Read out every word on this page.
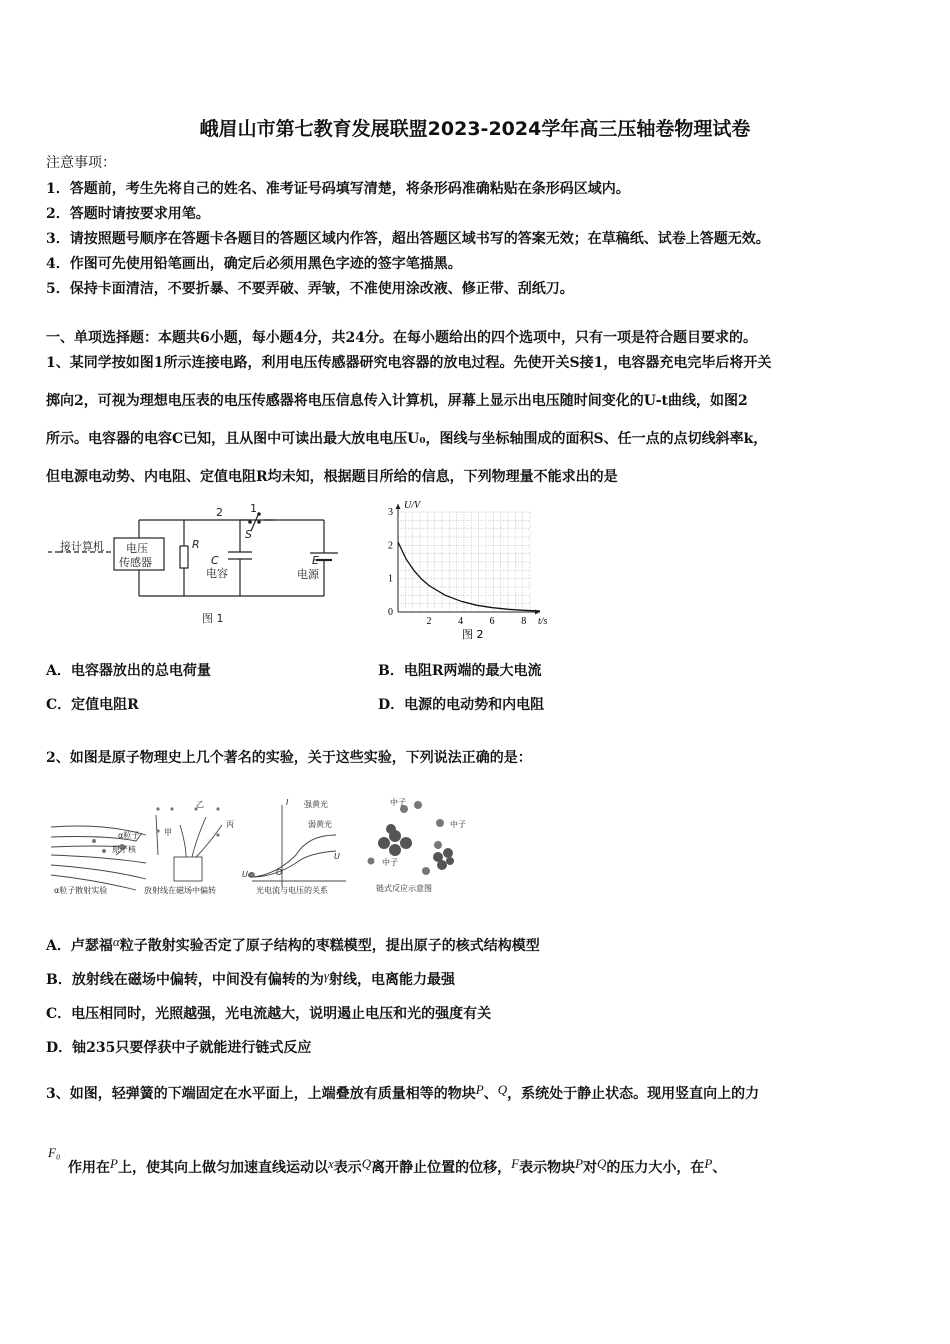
峨眉山市第七教育发展联盟2023-2024学年高三压轴卷物理试卷
注意事项：
1．答题前，考生先将自己的姓名、准考证号码填写清楚，将条形码准确粘贴在条形码区域内。
2．答题时请按要求用笔。
3．请按照题号顺序在答题卡各题目的答题区域内作答，超出答题区域书写的答案无效；在草稿纸、试卷上答题无效。
4．作图可先使用铅笔画出，确定后必须用黑色字迹的签字笔描黑。
5．保持卡面清洁，不要折暴、不要弄破、弄皱，不准使用涂改液、修正带、刮纸刀。
一、单项选择题：本题共6小题，每小题4分，共24分。在每小题给出的四个选项中，只有一项是符合题目要求的。
1、某同学按如图1所示连接电路，利用电压传感器研究电容器的放电过程。先使开关S接1，电容器充电完毕后将开关
掷向2，可视为理想电压表的电压传感器将电压信息传入计算机，屏幕上显示出电压随时间变化的U-t曲线，如图2
所示。电容器的电容C已知，且从图中可读出最大放电电压U₀，图线与坐标轴围成的面积S、任一点的点切线斜率k，
但电源电动势、内电阻、定值电阻R均未知，根据题目所给的信息，下列物理量不能求出的是
接计算机 电压
传感器
R
2 1
S
C
电容
E
电源
图 1	0
1
2
3
2	4	6	8
U/V
t/s
图 2
A．电容器放出的总电荷量	B．电阻R两端的最大电流
C．定值电阻R	D．电源的电动势和内电阻
2、如图是原子物理史上几个著名的实验，关于这些实验，下列说法正确的是：
α粒子
原子核
α粒子散射实验
甲
乙
丙
放射线在磁场中偏转
I 强黄光
弱黄光
U
O
Uc
光电流与电压的关系
中子
中子
中子
链式反应示意图
A．卢瑟福α粒子散射实验否定了原子结构的枣糕模型，提出原子的核式结构模型
B．放射线在磁场中偏转，中间没有偏转的为γ射线，电离能力最强
C．电压相同时，光照越强，光电流越大，说明遏止电压和光的强度有关
D．铀235只要俘获中子就能进行链式反应
3、如图，轻弹簧的下端固定在水平面上，上端叠放有质量相等的物块P、Q，系统处于静止状态。现用竖直向上的力
F₀
作用在P上，使其向上做匀加速直线运动以x表示Q离开静止位置的位移，F表示物块P对Q的压力大小，在P、
